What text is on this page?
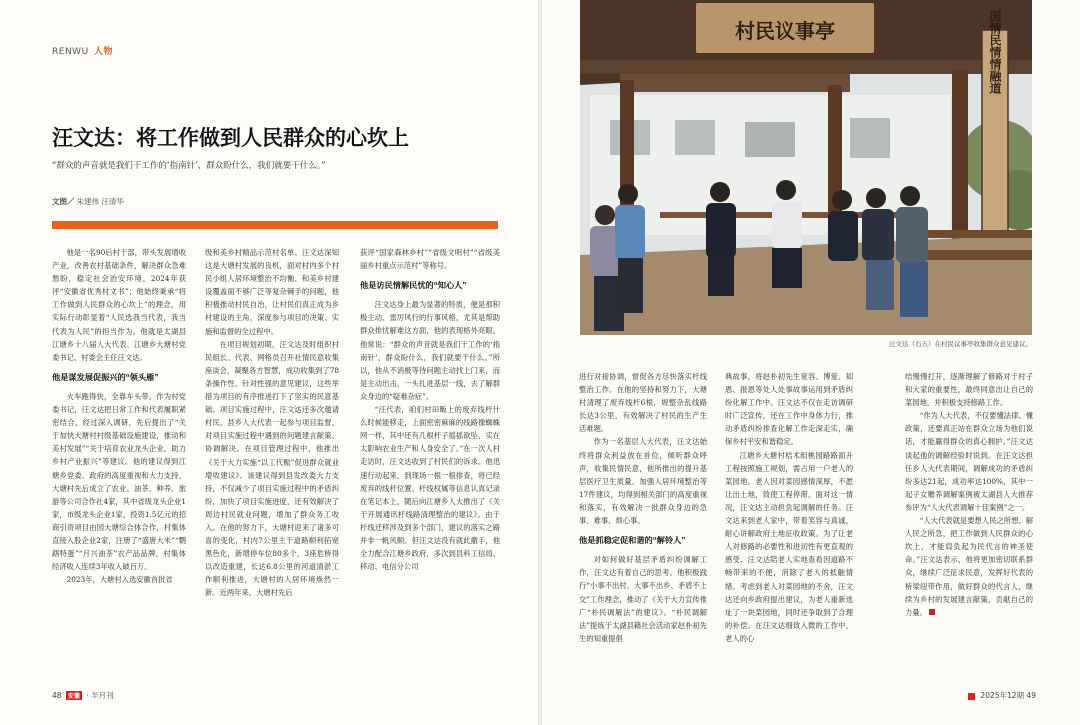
RENWU 人物
汪文达：将工作做到人民群众的心坎上
“群众的声音就是我们干工作的‘指南针’，群众盼什么，我们就要干什么。”
文图／ 朱建伟 汪清华

他是一名90后村干部，带头发展增收产业，改善农村基础条件，解决群众急难愁盼，稳定社会治安环境，2024年获评“安徽省优秀村文书”；他始终秉承“将工作做到人民群众的心坎上”的理念，用实际行动彰显着“人民选我当代表，我当代表为人民”的担当作为。他就是太湖县江塘乡十八届人大代表、江塘乡大塘村党委书记、村委会主任汪文达。

他是谋发展促振兴的“领头雁”

火车跑得快，全靠车头带。作为村党委书记，汪文达把日常工作和代表履职紧密结合，经过深入调研，先后提出了“关于加快大塘村村级基础设施建设，推动和美村发展”“关于培育农业龙头企业，助力乡村产业振兴”等建议。他的建议得到江塘乡党委、政府的高度重视和大力支持，大塘村先后成立了农业、油茶、种养、旅游等公司合作社4家，其中省级龙头企业1家，市级龙头企业1家，投资1.5亿元的招商引资项目由园大塘综合体合作，村集体直接入股企业2家，注册了“盛唐大米”“鹦鹉特蛋”“月兴油茶”农产品品牌，村集体经济收入连续3年收入破百万。

2023年，大塘村入选安徽首批省

级和美乡村精品示范村名单。汪文达深知这是大塘村发展的良机，面对村内多个村民小组人居环境整治不均衡、和美乡村建设覆盖面不够广泛等复杂棘手的问题，他积极推动村民自治，让村民们真正成为乡村建设的主角，深度参与项目的决策、实施和监督的全过程中。

在项目规划初期，汪文达及时组织村民组长、代表、网格员召开社情民意收集座谈会，凝聚各方智慧，成功收集到了78条操作性、针对性强的意见建议，这些举措为项目的有序推进打下了坚实的民意基础。项目实施过程中，汪文达还多次邀请村民、县乡人大代表一起参与项目监督，对项目实施过程中遇到的问题建言献策、协调解决。在项目管理过程中，他推出《关于大力实施“以工代赈”促进群众就业增收建议》。该建议得到县发改委大力支持，不仅减少了项目实施过程中的矛盾纠纷，加快了项目实施进度，还有效解决了周边村民就业问题，增加了群众务工收入。在他的努力下，大塘村迎来了诸多可喜的变化，村内7公里主干道路顺利拓宽黑色化，新增停车位80多个，3座危桥得以改造重建，长达6.8公里的河道清淤工作顺利推进，大塘村的人居环境焕然一新。近两年来，大塘村先后

获评“国家森林乡村”“省级文明村”“省级美丽乡村重点示范村”等称号。

他是访民情解民忧的“知心人”

汪文达身上最为显著的特质，便是那积极主动、雷厉风行的行事风格，尤其是帮助群众排忧解难这方面，他的表现格外亮眼。他常说：“群众的声音就是我们干工作的‘指南针’，群众盼什么，我们就要干什么。”所以，他从不消极等待问题主动找上门来，而是主动出击，一头扎进基层一线，去了解群众身边的“疑难杂症”。

“汪代表，咱们村田畈上的废弃线杆什么时候能移走，上面密密麻麻的线路像蜘蛛网一样，其中还有几根杆子摇摇欲坠，实在太影响农业生产和人身安全了。”在一次人村走访时，汪文达收到了村民们的诉求。他迅速行动起来，到现场一根一根排查，将已经废弃的线杆位置、杆线权属等信息认真记录在笔记本上，随后向江塘乡人大推出了《关于开展通讯杆线路清理整治的建议》。由于杆线迁移涉及到多个部门，建议的落实之路并非一帆风顺。但汪文达没有就此撒手，他全力配合江塘乡政府，多次到县科工信局、移动、电信分公司

48 安徽 · 半月刊
村民议事亭	国情民情情融道
汪文达（右五）在村民议事亭收集群众意见建议。

进行对接协调，督促各方尽快落实杆线整治工作。在他的坚持和努力下，大塘村清理了废弃线杆6根，规整杂乱线路长达3公里，有效解决了村民的生产生活难题。

作为一名基层人大代表，汪文达始终将群众利益放在首位，倾听群众呼声，收集民情民意，他所推出的提升基层医疗卫生质量、加强人居环境整治等17件建议，均得到相关部门的高度重视和落实，有效解决一批群众身边的急事、难事、烦心事。

他是抓稳定促和谐的“解铃人”

对如何做好基层矛盾纠纷调解工作，汪文达有着自己的思考。他积极践行“小事不出村、大事不出乡、矛盾不上交”工作理念，推动了《关于大力宣传推广“朴民调解法”的建议》。“朴民调解法”提炼于太湖县籍社会活动家赵朴初先生的知重提倡

典故事，将赵朴初先生宽容、博爱、知恩、报恩等处人处事故事运用到矛盾纠纷化解工作中。汪文达不仅在走访调研时广泛宣传，还在工作中身体力行，推动矛盾纠纷排查化解工作走深走实，确保乡村平安和谐稳定。

江塘乡大塘村桔术组桃园路路面升工程按照施工规划，需占用一户老人的菜园地。老人因对菜园感情深厚，不愿让出土地，致使工程停滞。面对这一情况，汪文达主动担负起调解的任务。汪文达来到老人家中，带着笑容与真诚，耐心讲解政府土地征收政策。为了让老人对修路的必要性和进切性有更直观的感受，汪文达陪老人实地查看因道路不畅带来的不便，消除了老人的抵触情绪。考虑到老人对菜园地的不舍，汪文达还向乡政府提出建议，为老人重新选址了一块菜园地，同时还争取到了合理的补偿。在汪文达细致入微的工作中，老人的心

结慢慢打开，逐渐理解了修路对于村子和大家的重要性，最终同意出让自己的菜园地，并积极支持修路工作。

“作为人大代表，不仅要懂法律、懂政策，还要真正站在群众立场为他们说话，才能赢得群众的真心拥护。”汪文达谈起他的调解经验时说到。在汪文达担任乡人大代表期间，调解成功的矛盾纠纷多达21起，成功率达100%，其中一起子女赡养调解案例被太湖县人大推荐参评为“人大代表调解十佳案例”之一。

“人大代表就是要想人民之所想、解人民之所急，把工作做到人民群众的心坎上，才能肩负起为民代言的神圣使命。”汪文达表示，他将更加密切联系群众，继续广泛征求民意，发挥好代表的桥梁纽带作用，做好群众的代言人，继续为乡村的发展建言献策，贡献自己的力量。

2025年12期 49
